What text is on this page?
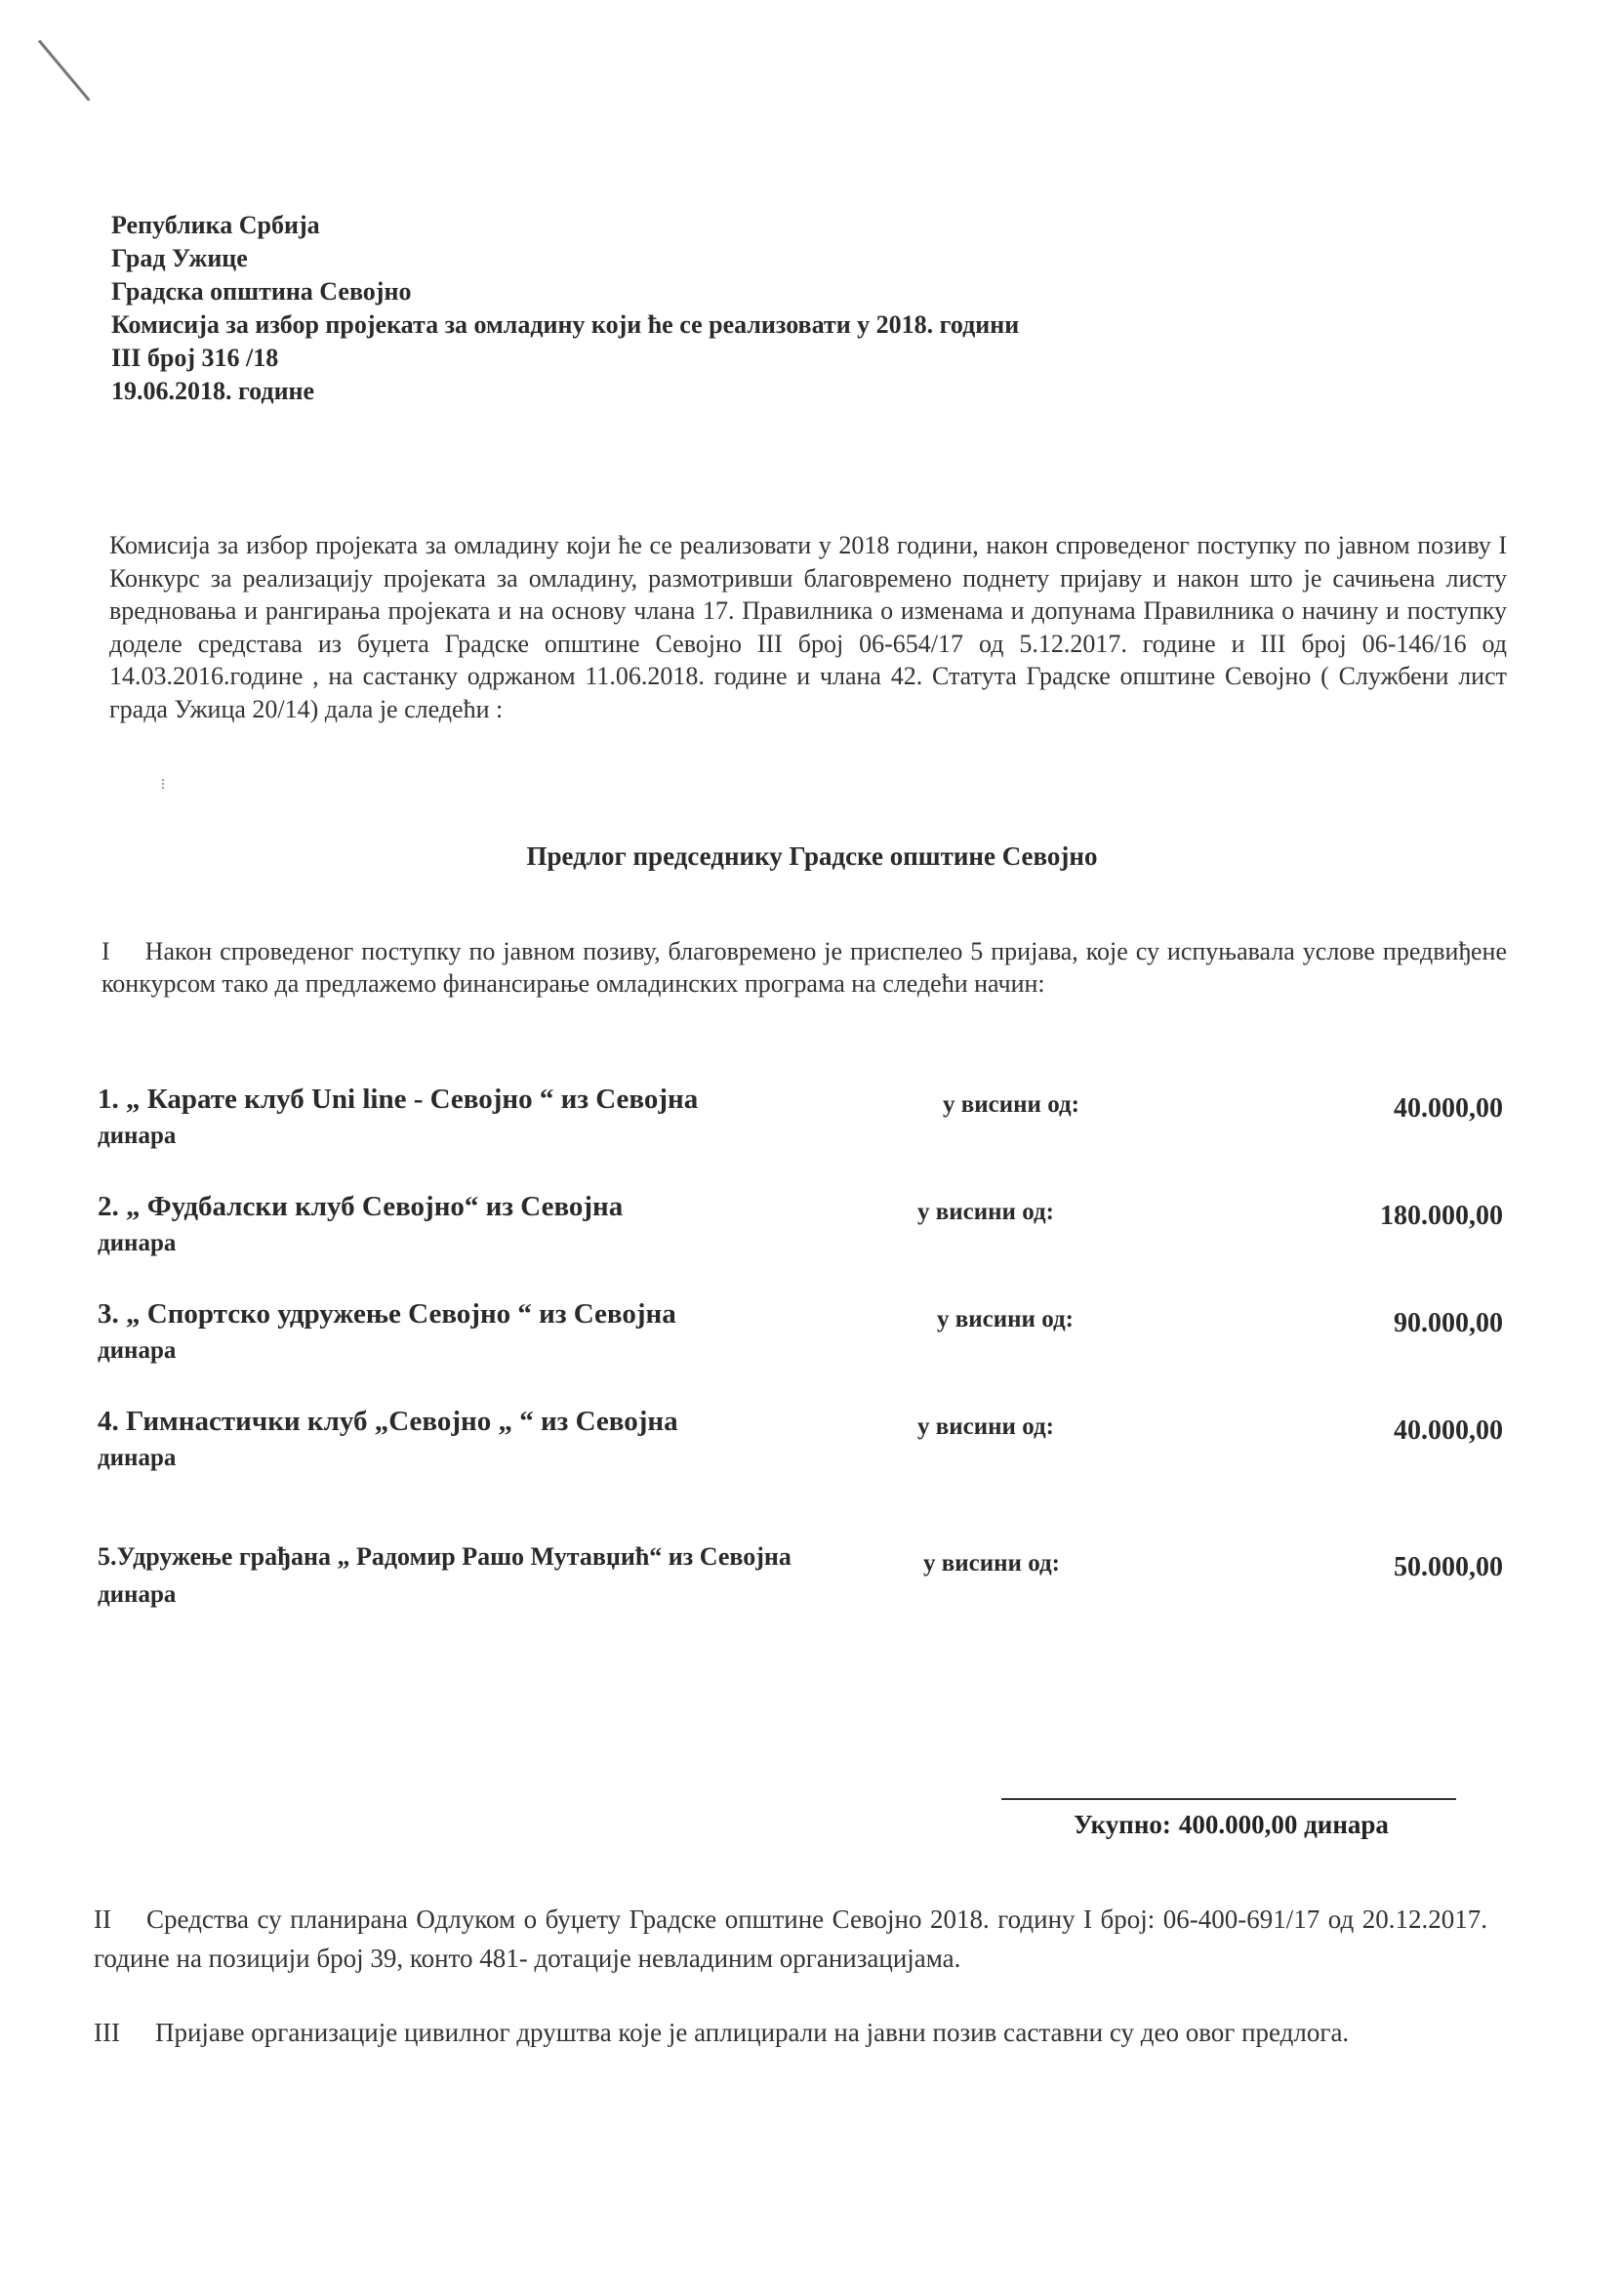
Република Србија
Град Ужице
Градска општина Севојно
Комисија за избор пројеката за омладину који ће се реализовати у 2018. години
III број 316 /18
19.06.2018. године
Комисија за избор пројеката за омладину који ће се реализовати у 2018 години, након спроведеног поступку по јавном позиву I Конкурс за реализацију пројеката за омладину, размотривши благовремено поднету пријаву и након што је сачињена листу вредновања и рангирања пројеката и на основу члана 17. Правилника о изменама и допунама Правилника о начину и поступку доделе средстава из буџета Градске општине Севојно III број 06-654/17 од 5.12.2017. године и III број 06-146/16 од 14.03.2016.године , на састанку одржаном 11.06.2018. године и члана 42. Статута Градске општине Севојно ( Службени лист града Ужица 20/14) дала је следећи :
Предлог председнику Градске општине Севојно
I Након спроведеног поступку по јавном позиву, благовремено је приспелео 5 пријава, које су испуњавала услове предвиђене конкурсом тако да предлажемо финансирање омладинских програма на следећи начин:
1. „ Карате клуб Uni line - Севојно “ из Севојна
динара
у висини од:	40.000,00
2. „ Фудбалски клуб Севојно“ из Севојна
динара
у висини од:	180.000,00
3. „ Спортско удружење Севојно “ из Севојна
динара
у висини од:	90.000,00
4. Гимнастички клуб „Севојно „ “ из Севојна
динара
у висини од:	40.000,00
5.Удружење грађана „ Радомир Рашо Мутавџић“ из Севојна
динара
у висини од:	50.000,00
Укупно: 400.000,00 динара
II Средства су планирана Одлуком о буџету Градске општине Севојно 2018. годину I број: 06-400-691/17 од 20.12.2017. године на позицији број 39, конто 481- дотације невладиним организацијама.
III Пријаве организације цивилног друштва које је аплицирали на јавни позив саставни су део овог предлога.
